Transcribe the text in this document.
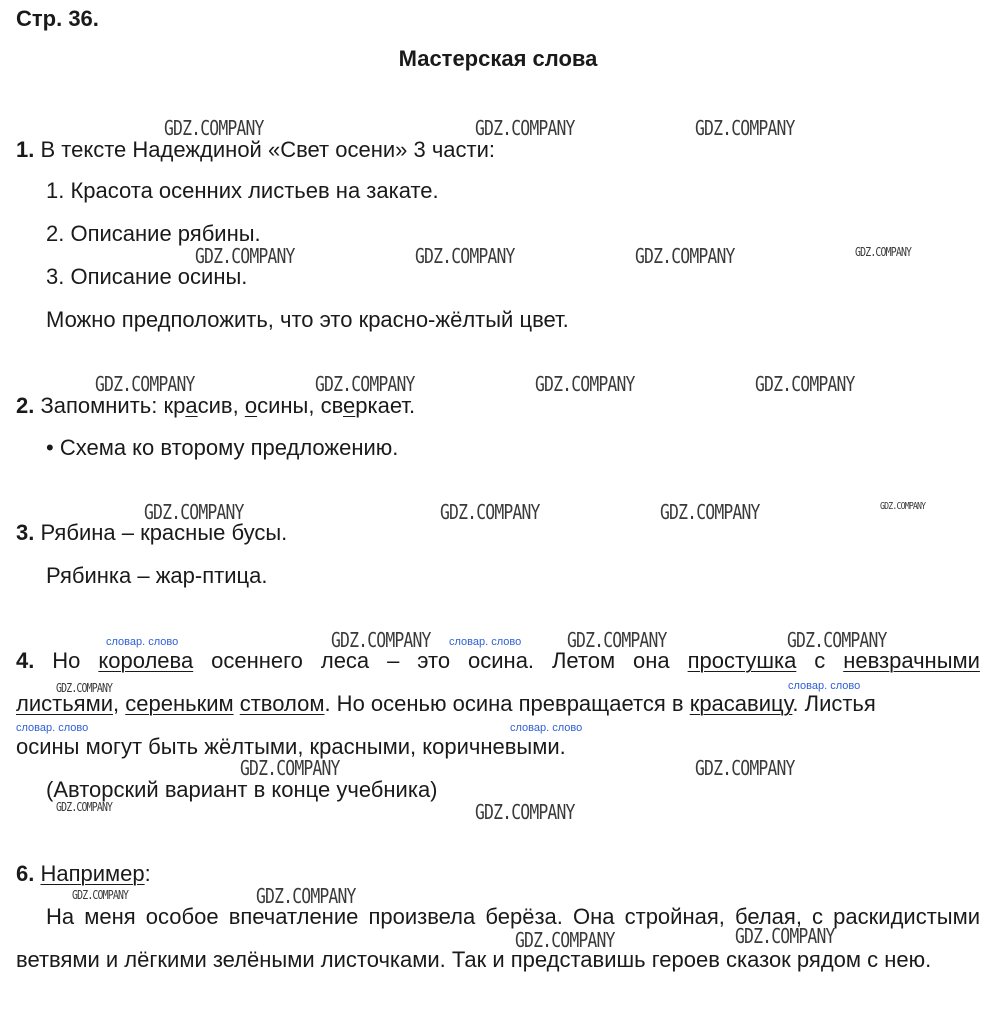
Стр. 36.
Мастерская слова
1. В тексте Надеждиной «Свет осени» 3 части:
1. Красота осенних листьев на закате.
2. Описание рябины.
3. Описание осины.
Можно предположить, что это красно-жёлтый цвет.
2. Запомнить: красив, осины, сверкает.
• Схема ко второму предложению.
3. Рябина – красные бусы.
Рябинка – жар-птица.
4. Но королева осеннего леса – это осина. Летом она простушка с невзрачными
листьями, сереньким стволом. Но осенью осина превращается в красавицу. Листья
осины могут быть жёлтыми, красными, коричневыми.
(Авторский вариант в конце учебника)
словар. слово	словар. слово
словар. слово
словар. слово	словар. слово
6. Например:
На меня особое впечатление произвела берёза. Она стройная, белая, с раскидистыми ветвями и лёгкими зелёными листочками. Так и представишь героев сказок рядом с нею.
GDZ.COMPANY	GDZ.COMPANY	GDZ.COMPANY
GDZ.COMPANY	GDZ.COMPANY	GDZ.COMPANY	GDZ.COMPANY
GDZ.COMPANY	GDZ.COMPANY	GDZ.COMPANY	GDZ.COMPANY
GDZ.COMPANY	GDZ.COMPANY	GDZ.COMPANY	GDZ.COMPANY
GDZ.COMPANY	GDZ.COMPANY	GDZ.COMPANY
GDZ.COMPANY
GDZ.COMPANY	GDZ.COMPANY
GDZ.COMPANY	GDZ.COMPANY
GDZ.COMPANY	GDZ.COMPANY
GDZ.COMPANY	GDZ.COMPANY
